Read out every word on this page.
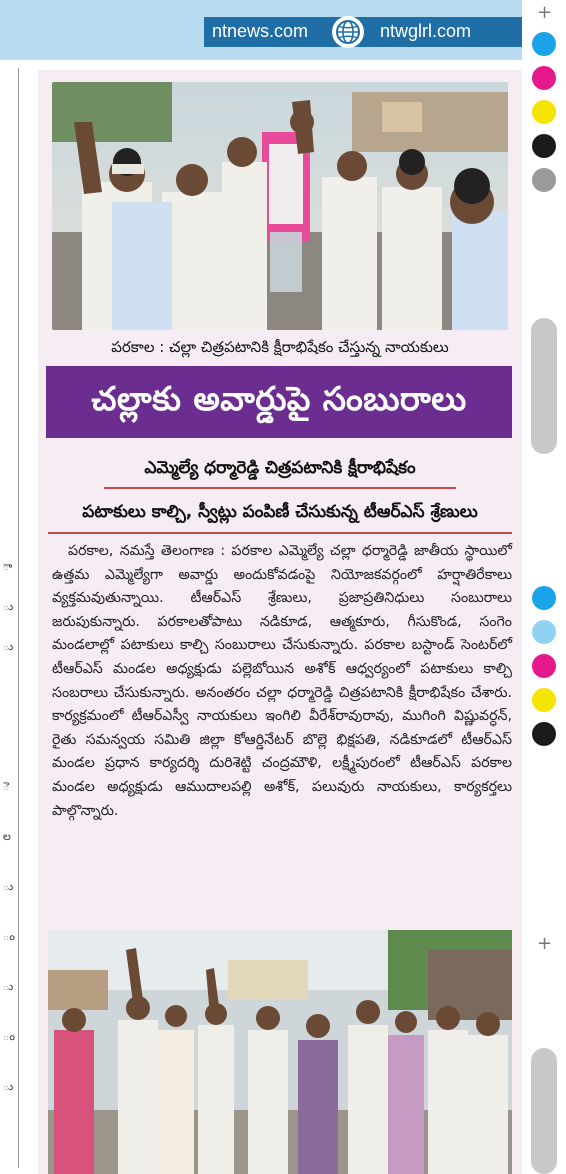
ntnews.com	ntwglrl.com
+
+
పరకాల : చల్లా చిత్రపటానికి క్షీరాభిషేకం చేస్తున్న నాయకులు
చల్లాకు అవార్డుపై సంబురాలు
ఎమ్మెల్యే ధర్మారెడ్డి చిత్రపటానికి క్షీరాభిషేకం
పటాకులు కాల్చి, స్వీట్లు పంపిణీ చేసుకున్న టీఆర్ఎస్ శ్రేణులు
పరకాల, నమస్తే తెలంగాణ : పరకాల ఎమ్మెల్యే చల్లా ధర్మారెడ్డి జాతీయ స్థాయిలో ఉత్తమ ఎమ్మెల్యేగా అవార్డు అందుకోవడంపై నియోజకవర్గంలో హర్షాతిరేకాలు వ్యక్తమవుతున్నాయి. టీఆర్ఎస్ శ్రేణులు, ప్రజాప్రతినిధులు సంబురాలు జరుపుకున్నారు. పరకాలతోపాటు నడికూడ, ఆత్మకూరు, గీసుకొండ, సంగెం మండలాల్లో పటాకులు కాల్చి సంబురాలు చేసుకున్నారు. పరకాల బస్టాండ్ సెంటర్‌లో టీఆర్ఎస్ మండల అధ్యక్షుడు పల్లెబోయిన అశోక్ ఆధ్వర్యంలో పటాకులు కాల్చి సంబరాలు చేసుకున్నారు. అనంతరం చల్లా ధర్మారెడ్డి చిత్రపటానికి క్షీరాభిషేకం చేశారు. కార్యక్రమంలో టీఆర్ఎస్వీ నాయకులు ఇంగిలి వీరేశ్‌రావురావు, ముగింగి విష్ణువర్ధన్, రైతు సమన్వయ సమితి జిల్లా కోఆర్డినేటర్ బొల్లె భిక్షపతి, నడికూడలో టీఆర్ఎస్ మండల ప్రధాన కార్యదర్శి దురిశెట్టి చంద్రమౌళి, లక్ష్మీపురంలో టీఆర్ఎస్ పరకాల మండల అధ్యక్షుడు ఆముదాలపల్లి అశోక్, పలువురు నాయకులు, కార్యకర్తలు పాల్గొన్నారు.
ా
ు
ు
ె
ల
ు
ం
ు
ం
ు
